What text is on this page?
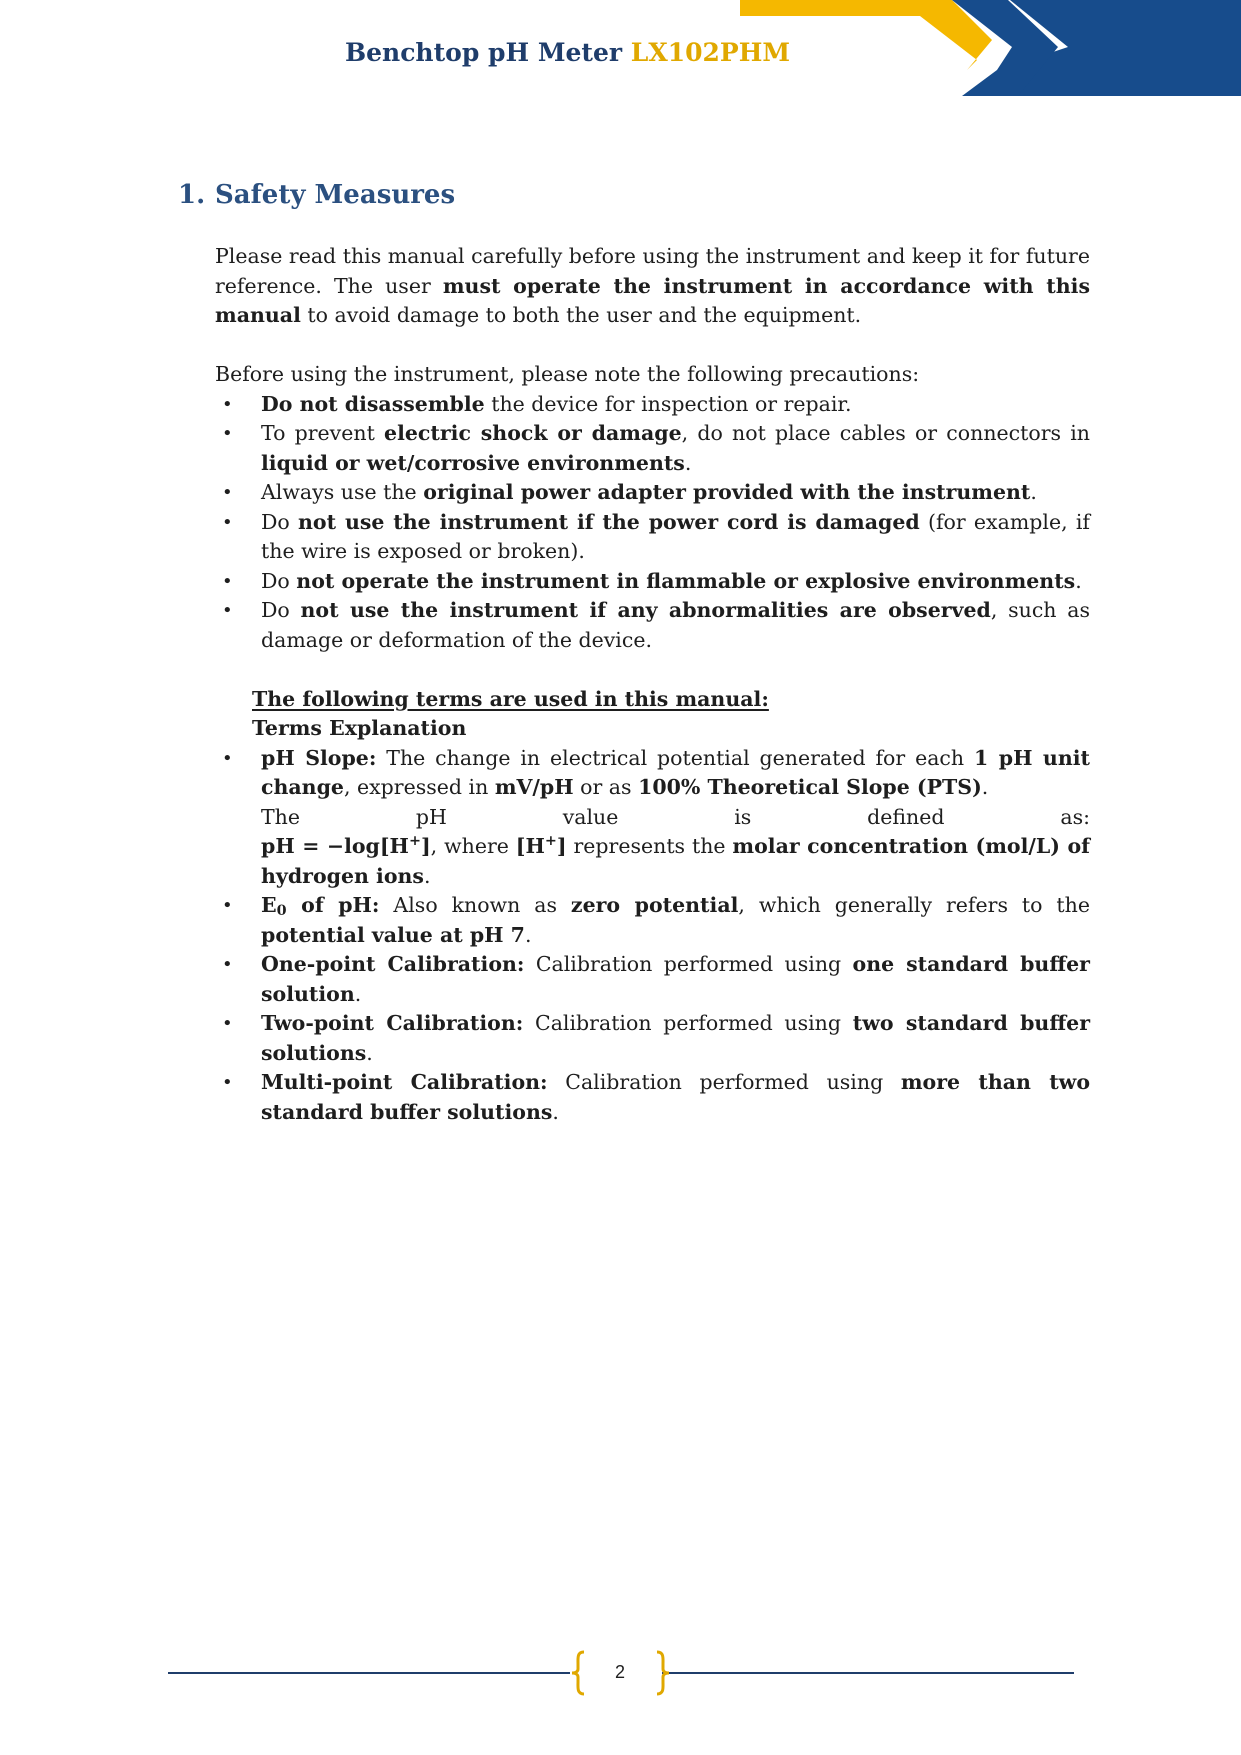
Benchtop pH Meter LX102PHM
1. Safety Measures

Please read this manual carefully before using the instrument and keep it for future reference. The user must operate the instrument in accordance with this manual to avoid damage to both the user and the equipment.

Before using the instrument, please note the following precautions:

• Do not disassemble the device for inspection or repair.
• To prevent electric shock or damage, do not place cables or connectors in liquid or wet/corrosive environments.
• Always use the original power adapter provided with the instrument.
• Do not use the instrument if the power cord is damaged (for example, if the wire is exposed or broken).
• Do not operate the instrument in flammable or explosive environments.
• Do not use the instrument if any abnormalities are observed, such as damage or deformation of the device.

The following terms are used in this manual:

Terms Explanation

• pH Slope: The change in electrical potential generated for each 1 pH unit change, expressed in mV/pH or as 100% Theoretical Slope (PTS).
The	pH	value	is	defined	as:
pH = −log[H+], where [H+] represents the molar concentration (mol/L) of hydrogen ions.
• $E_0$ of pH: Also known as zero potential, which generally refers to the potential value at pH 7.
• One-point Calibration: Calibration performed using one standard buffer solution.
• Two-point Calibration: Calibration performed using two standard buffer solutions.
• Multi-point Calibration: Calibration performed using more than two standard buffer solutions.
2
